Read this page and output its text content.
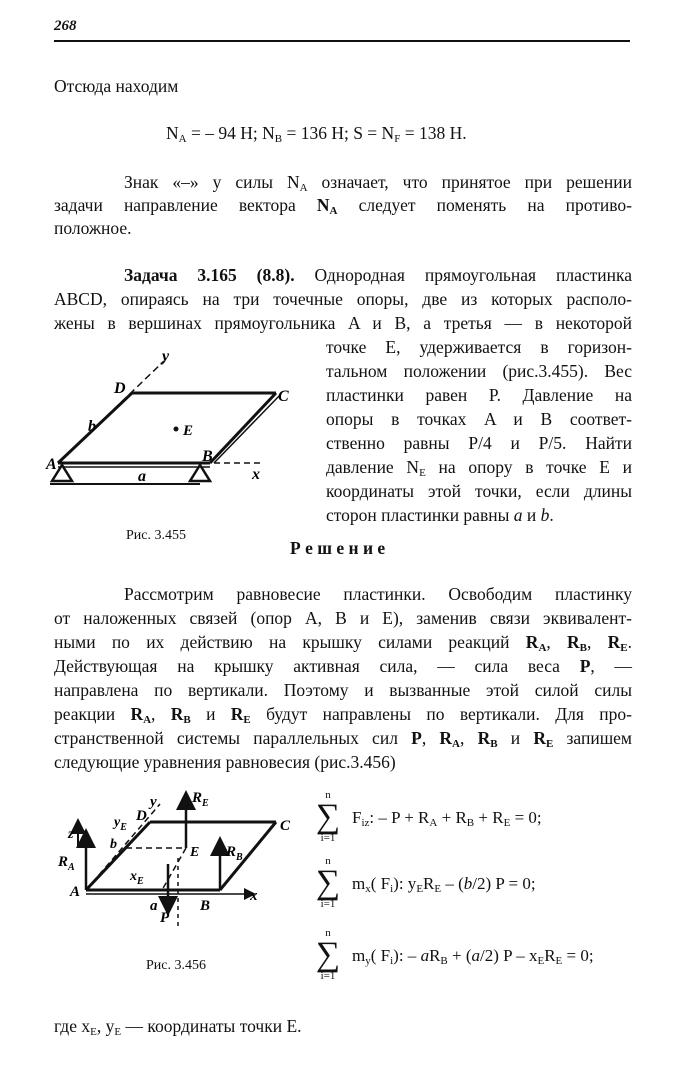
268
Отсюда находим
$N_A$ = – 94 Н; $N_B = 136$ Н; $S = N_F = 138$ Н.
Знак «–» у силы $N_A$ означает, что принятое при решении
задачи направление вектора $N_A$ следует поменять на противо-
положное.
Задача 3.165 (8.8). Однородная прямоугольная пластинка
ABCD, опираясь на три точечные опоры, две из которых располо-
жены в вершинах прямоугольника A и B, а третья — в некоторой
точке E, удерживается в горизон-
тальном положении (рис.3.455). Вес
пластинки равен P. Давление на
опоры в точках A и B соответ-
ственно равны P/4 и P/5. Найти
давление $N_E$ на опору в точке E и
координаты этой точки, если длины
сторон пластинки равны a и b.
y
D	C
b	E
A	B
a	x
Рис. 3.455
Р е ш е н и е
Рассмотрим равновесие пластинки. Освободим пластинку
от наложенных связей (опор A, B и E), заменив связи эквивалент-
ными по их действию на крышку силами реакций $R_A$, $R_B$, $R_E$.
Действующая на крышку активная сила, — сила веса P, —
направлена по вертикали. Поэтому и вызванные этой силой силы
реакции $R_A$, $R_B$ и $R_E$ будут направлены по вертикали. Для про-
странственной системы параллельных сил P, $R_A$, $R_B$ и $R_E$ запишем
следующие уравнения равновесия (рис.3.456)
y $R_E$
$y_E$
D
C
z
b
E
$R_A$
$R_B$
$x_E$
A
a	B
P
x
Рис. 3.456
n
∑
i=1
$F_{iz}$: – $P + R_A + R_B + R_E = 0$;
n
∑
i=1
$m_x$( $F_i$): $y_ER_E - (b/2) P = 0$;
n
∑
i=1
$m_y$( $F_i$): – $aR_B + (a/2)$ $P - x_ER_E = 0$;
где $x_E$, $y_E$ — координаты точки E.
